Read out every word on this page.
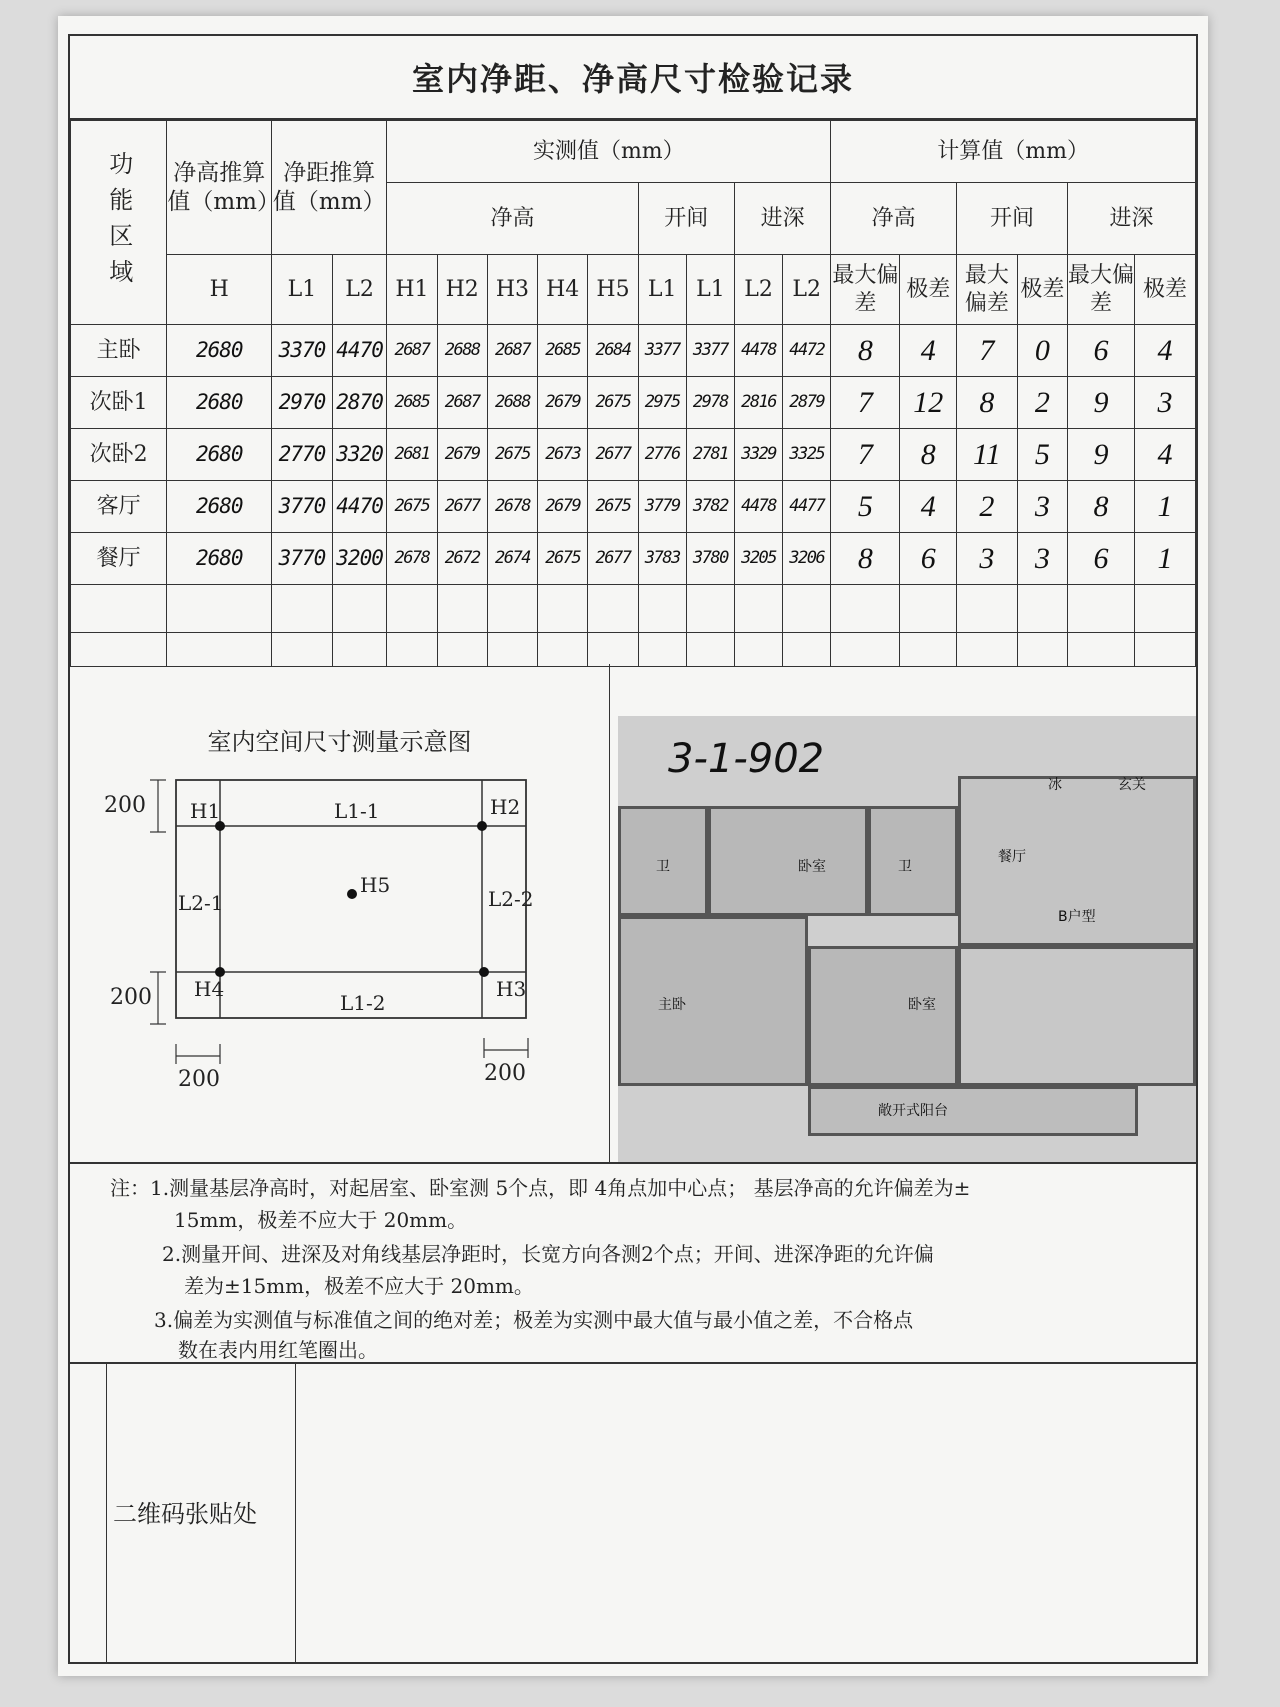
室内净距、净高尺寸检验记录
功能区域	净高推算值（mm）	净距推算值（mm）		实测值（mm）									计算值（mm）					
				净高					开间		进深		净高		开间		进深	
	H	L1	L2	H1	H2	H3	H4	H5	L1	L1	L2	L2	最大偏差	极差	最大偏差	极差	最大偏差	极差
主卧	2680	3370	4470	2687	2688	2687	2685	2684	3377	3377	4478	4472	8	4	7	0	6	4
次卧1	2680	2970	2870	2685	2687	2688	2679	2675	2975	2978	2816	2879	7	12	8	2	9	3
次卧2	2680	2770	3320	2681	2679	2675	2673	2677	2776	2781	3329	3325	7	8	11	5	9	4
客厅	2680	3770	4470	2675	2677	2678	2679	2675	3779	3782	4478	4477	5	4	2	3	8	1
餐厅	2680	3770	3200	2678	2672	2674	2675	2677	3783	3780	3205	3206	8	6	3	3	6	1

室内空间尺寸测量示意图
200
200
200	200
H1	H2
H3
H4
H5
L1-1
L1-2
L2-1	L2-2
3-1-902
卫	卧室	卫
餐厅
冰	玄关
B户型
主卧	卧室
敞开式阳台
注：1.测量基层净高时，对起居室、卧室测 5个点，即 4角点加中心点； 基层净高的允许偏差为±
15mm，极差不应大于 20mm。
2.测量开间、进深及对角线基层净距时，长宽方向各测2个点；开间、进深净距的允许偏
差为±15mm，极差不应大于 20mm。
3.偏差为实测值与标准值之间的绝对差；极差为实测中最大值与最小值之差，不合格点
数在表内用红笔圈出。
二维码张贴处
